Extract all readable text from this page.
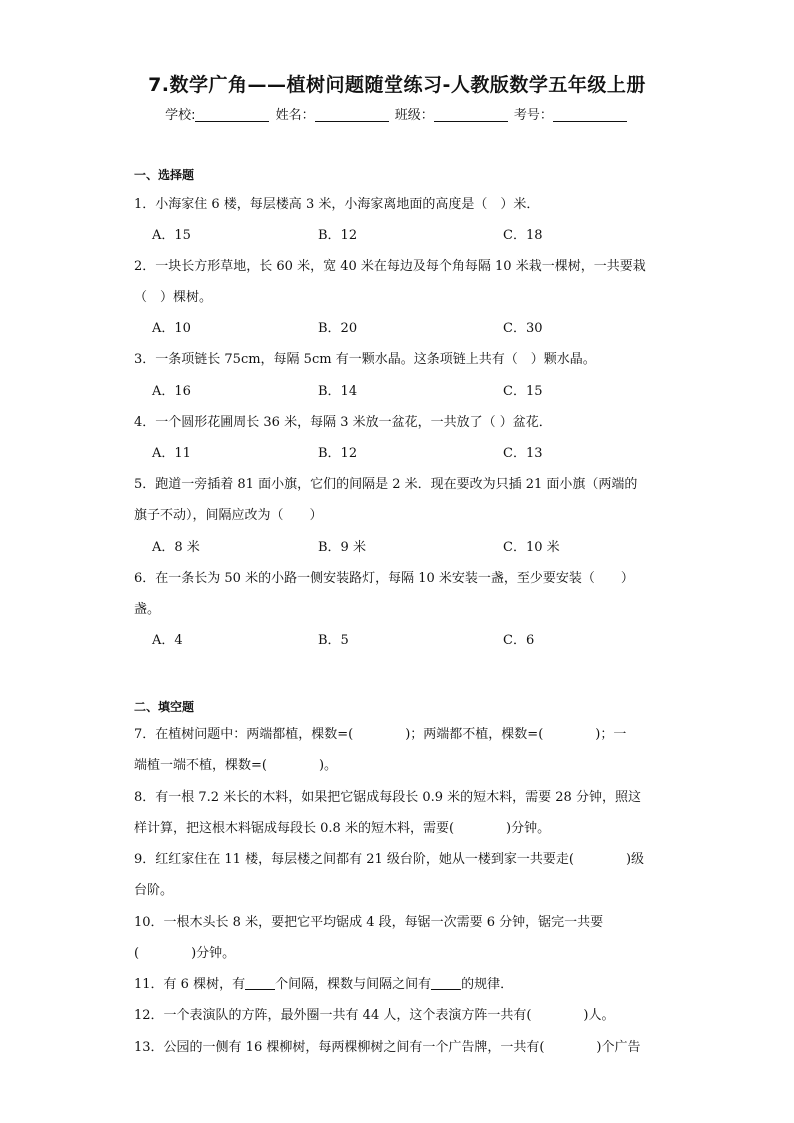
7.数学广角——植树问题随堂练习-人教版数学五年级上册
学校:	姓名：	班级：	考号：
一、选择题
1．小海家住 6 楼，每层楼高 3 米，小海家离地面的高度是（　）米．
A．15	B．12	C．18
2．一块长方形草地，长 60 米，宽 40 米在每边及每个角每隔 10 米栽一棵树，一共要栽
（　）棵树。
A．10	B．20	C．30
3．一条项链长 75cm，每隔 5cm 有一颗水晶。这条项链上共有（　）颗水晶。
A．16	B．14	C．15
4．一个圆形花圃周长 36 米，每隔 3 米放一盆花，一共放了（ ）盆花．
A．11	B．12	C．13
5．跑道一旁插着 81 面小旗，它们的间隔是 2 米．现在要改为只插 21 面小旗（两端的
旗子不动），间隔应改为（　　）
A．8 米	B．9 米	C．10 米
6．在一条长为 50 米的小路一侧安装路灯，每隔 10 米安装一盏，至少要安装（　　）
盏。
A．4	B．5	C．6
二、填空题
7．在植树问题中：两端都植，棵数=(　　　　)；两端都不植，棵数=(　　　　)；一
端植一端不植，棵数=(　　　　)。
8．有一根 7.2 米长的木料，如果把它锯成每段长 0.9 米的短木料，需要 28 分钟，照这
样计算，把这根木料锯成每段长 0.8 米的短木料，需要(　　　　)分钟。
9．红红家住在 11 楼，每层楼之间都有 21 级台阶，她从一楼到家一共要走(　　　　)级
台阶。
10．一根木头长 8 米，要把它平均锯成 4 段，每锯一次需要 6 分钟，锯完一共要
(　　　　)分钟。
11．有 6 棵树，有 个间隔，棵数与间隔之间有 的规律．
12．一个表演队的方阵，最外圈一共有 44 人，这个表演方阵一共有(　　　　)人。
13．公园的一侧有 16 棵柳树，每两棵柳树之间有一个广告牌，一共有(　　　　)个广告
